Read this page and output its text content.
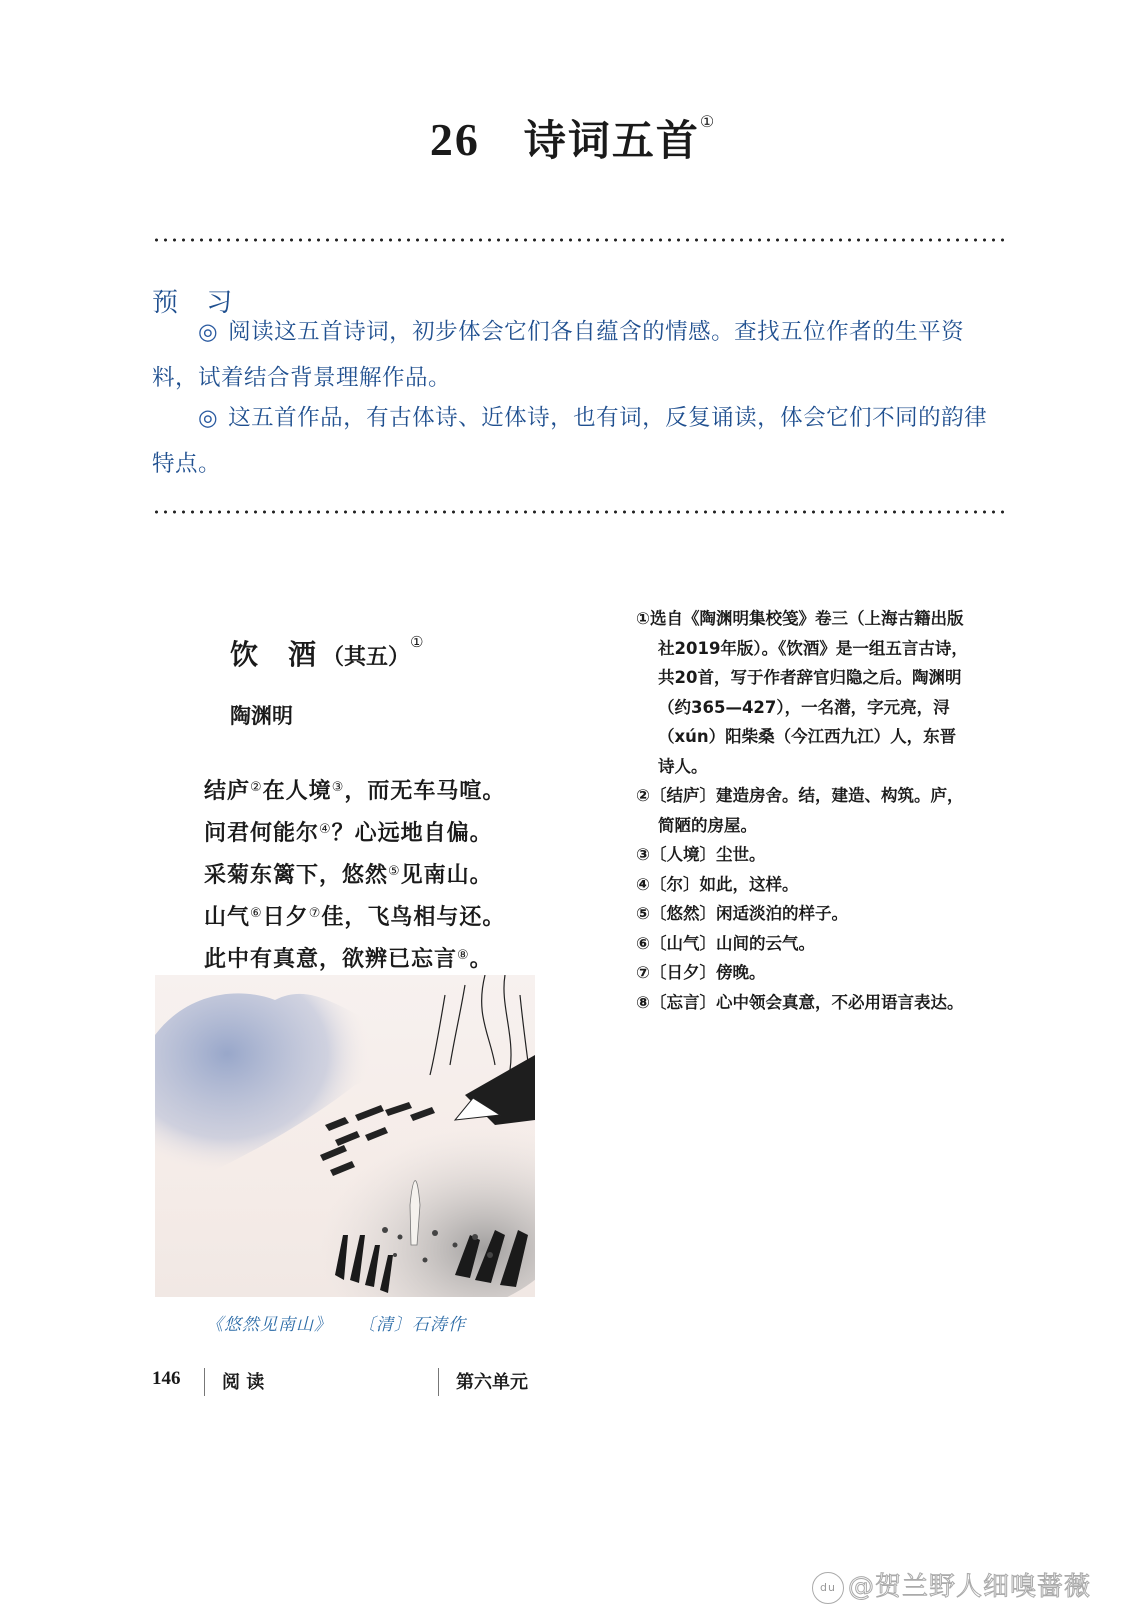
26 诗词五首①
预 习
◎ 阅读这五首诗词，初步体会它们各自蕴含的情感。查找五位作者的生平资料，试着结合背景理解作品。
◎ 这五首作品，有古体诗、近体诗，也有词，反复诵读，体会它们不同的韵律特点。
饮 酒 （其五）①
陶渊明
结庐②在人境③，而无车马喧。
问君何能尔④？心远地自偏。
采菊东篱下，悠然⑤见南山。
山气⑥日夕⑦佳，飞鸟相与还。
此中有真意，欲辨已忘言⑧。
《悠然见南山》 〔清〕石涛作
①选自《陶渊明集校笺》卷三（上海古籍出版社2019年版）。《饮酒》是一组五言古诗，共20首，写于作者辞官归隐之后。陶渊明（约365—427），一名潜，字元亮，浔（xún）阳柴桑（今江西九江）人，东晋诗人。
②〔结庐〕建造房舍。结，建造、构筑。庐，简陋的房屋。
③〔人境〕尘世。
④〔尔〕如此，这样。
⑤〔悠然〕闲适淡泊的样子。
⑥〔山气〕山间的云气。
⑦〔日夕〕傍晚。
⑧〔忘言〕心中领会真意，不必用语言表达。
146 阅 读	第六单元
du @贺兰野人细嗅蔷薇
